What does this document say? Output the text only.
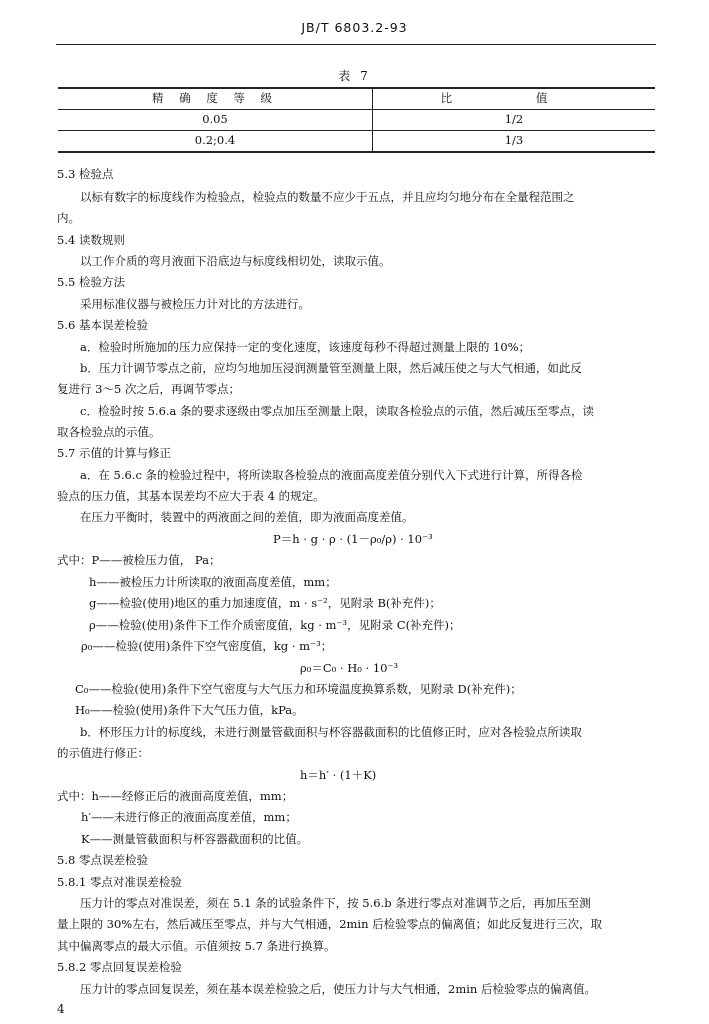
JB/T 6803.2-93
表 7
精 确 度 等 级	比 值
0.05	1/2
0.2;0.4	1/3
5.3 检验点
以标有数字的标度线作为检验点，检验点的数量不应少于五点，并且应均匀地分布在全量程范围之
内。
5.4 读数规则
以工作介质的弯月液面下沿底边与标度线相切处，读取示值。
5.5 检验方法
采用标准仪器与被检压力计对比的方法进行。
5.6 基本误差检验
a．检验时所施加的压力应保持一定的变化速度，该速度每秒不得超过测量上限的 10%；
b．压力计调节零点之前，应均匀地加压浸润测量管至测量上限，然后减压使之与大气相通，如此反
复进行 3～5 次之后，再调节零点；
c．检验时按 5.6.a 条的要求逐级由零点加压至测量上限，读取各检验点的示值，然后减压至零点，读
取各检验点的示值。
5.7 示值的计算与修正
a．在 5.6.c 条的检验过程中，将所读取各检验点的液面高度差值分别代入下式进行计算，所得各检
验点的压力值，其基本误差均不应大于表 4 的规定。
在压力平衡时，装置中的两液面之间的差值，即为液面高度差值。
P＝h · g · ρ · (1－ρ₀/ρ) · 10⁻³
式中：P——被检压力值， Pa；
h——被检压力计所读取的液面高度差值，mm；
g——检验(使用)地区的重力加速度值，m · s⁻²，见附录 B(补充件)；
ρ——检验(使用)条件下工作介质密度值，kg · m⁻³，见附录 C(补充件)；
ρ₀——检验(使用)条件下空气密度值，kg · m⁻³；
ρ₀＝C₀ · H₀ · 10⁻³
C₀——检验(使用)条件下空气密度与大气压力和环境温度换算系数，见附录 D(补充件)；
H₀——检验(使用)条件下大气压力值，kPa。
b．杯形压力计的标度线，未进行测量管截面积与杯容器截面积的比值修正时，应对各检验点所读取
的示值进行修正：
h＝h′ · (1＋K)
式中：h——经修正后的液面高度差值，mm；
h′——未进行修正的液面高度差值，mm；
K——测量管截面积与杯容器截面积的比值。
5.8 零点误差检验
5.8.1 零点对准误差检验
压力计的零点对准误差，须在 5.1 条的试验条件下，按 5.6.b 条进行零点对准调节之后，再加压至测
量上限的 30%左右，然后减压至零点，并与大气相通，2min 后检验零点的偏离值；如此反复进行三次，取
其中偏离零点的最大示值。示值须按 5.7 条进行换算。
5.8.2 零点回复误差检验
压力计的零点回复误差，须在基本误差检验之后，使压力计与大气相通，2min 后检验零点的偏离值。
4
